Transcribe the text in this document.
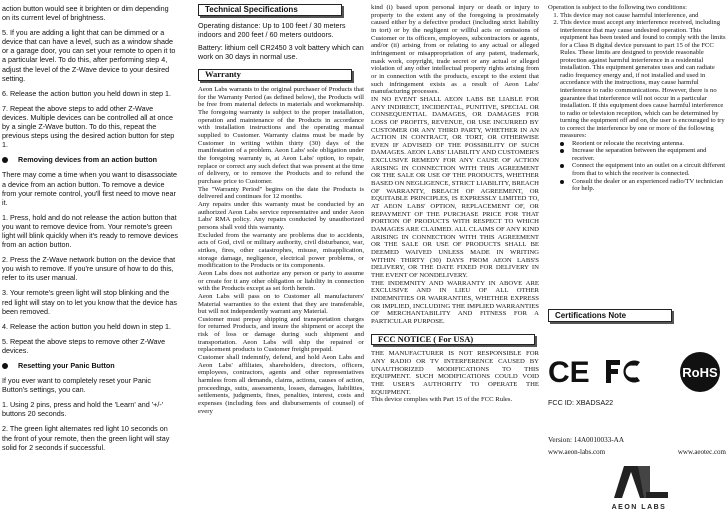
action button would see it brighten or dim depending on its current level of brightness.

5. If you are adding a light that can be dimmed or a device that can have a level, such as a window shade or a garage door, you can set your remote to open it to a particular level. To do this, after performing step 4, adjust the level of the Z-Wave device to your desired setting.

6. Release the action button you held down in step 1.

7. Repeat the above steps to add other Z-Wave devices. Multiple devices can be controlled all at once by a single Z-Wave button. To do this, repeat the previous steps using the desired action button for step 1.

Removing devices from an action button

There may come a time when you want to disassociate a device from an action button. To remove a device from your remote control, you'll first need to move near it.

1. Press, hold and do not release the action button that you want to remove device from. Your remote's green light will blink quickly when it's ready to remove devices from an action button.

2. Press the Z-Wave network button on the device that you wish to remove. If you're unsure of how to do this, refer to its user manual.

3. Your remote's green light will stop blinking and the red light will stay on to let you know that the device has been removed.

4. Release the action button you held down in step 1.

5. Repeat the above steps to remove other Z-Wave devices.

Resetting your Panic Button

If you ever want to completely reset your Panic Button's settings, you can.

1. Using 2 pins, press and hold the 'Learn' and '+/-' buttons 20 seconds.

2. The green light alternates red light 10 seconds on the front of your remote, then the green light will stay solid for 2 seconds if successful.

Technical Specifications

Operating distance: Up to 100 feet / 30 meters indoors and 200 feet / 60 meters outdoors.

Battery: lithium cell CR2450 3 volt battery which can work on 30 days in normal use.

Warranty

Aeon Labs warrants to the original purchaser of Products that for the Warranty Period (as defined below), the Products will be free from material defects in materials and workmanship. The foregoing warranty is subject to the proper installation, operation and maintenance of the Products in accordance with installation instructions and the operating manual supplied to Customer. Warranty claims must be made by Customer in writing within thirty (30) days of the manifestation of a problem. Aeon Labs' sole obligation under the foregoing warranty is, at Aeon Labs' option, to repair, replace or correct any such defect that was present at the time of delivery, or to remove the Products and to refund the purchase price to Customer.

The "Warranty Period" begins on the date the Products is delivered and continues for 12 months.

Any repairs under this warranty must be conducted by an authorized Aeon Labs service representative and under Aeon Labs' RMA policy. Any repairs conducted by unauthorized persons shall void this warranty.

Excluded from the warranty are problems due to accidents, acts of God, civil or military authority, civil disturbance, war, strikes, fires, other catastrophes, misuse, misapplication, storage damage, negligence, electrical power problems, or modification to the Products or its components.

Aeon Labs does not authorize any person or party to assume or create for it any other obligation or liability in connection with the Products except as set forth herein.

Aeon Labs will pass on to Customer all manufacturers' Material warranties to the extent that they are transferable, but will not independently warrant any Material.

Customer must prepay shipping and transportation charges for returned Products, and insure the shipment or accept the risk of loss or damage during such shipment and transportation. Aeon Labs will ship the repaired or replacement products to Customer freight prepaid.

Customer shall indemnify, defend, and hold Aeon Labs and Aeon Labs' affiliates, shareholders, directors, officers, employees, contractors, agents and other representatives harmless from all demands, claims, actions, causes of action, proceedings, suits, assessments, losses, damages, liabilities, settlements, judgments, fines, penalties, interest, costs and expenses (including fees and disbursements of counsel) of every

kind (i) based upon personal injury or death or injury to property to the extent any of the foregoing is proximately caused either by a defective product (including strict liability in tort) or by the negligent or willful acts or omissions of Customer or its officers, employees, subcontractors or agents, and/or (ii) arising from or relating to any actual or alleged infringement or misappropriation of any patent, trademark, mask work, copyright, trade secret or any actual or alleged violation of any other intellectual property rights arising from or in connection with the products, except to the extent that such infringement exists as a result of Aeon Labs' manufacturing processes.

IN NO EVENT SHALL AEON LABS BE LIABLE FOR ANY INDIRECT, INCIDENTAL, PUNITIVE, SPECIAL OR CONSEQUENTIAL DAMAGES, OR DAMAGES FOR LOSS OF PROFITS, REVENUE, OR USE INCURRED BY CUSTOMER OR ANY THIRD PARTY, WHETHER IN AN ACTION IN CONTRACT, OR TORT, OR OTHERWISE EVEN IF ADVISED OF THE POSSIBILITY OF SUCH DAMAGES. AEON LABS' LIABILITY AND CUSTOMER'S EXCLUSIVE REMEDY FOR ANY CAUSE OF ACTION ARISING IN CONNECTION WITH THIS AGREEMENT OR THE SALE OR USE OF THE PRODUCTS, WHETHER BASED ON NEGLIGENCE, STRICT LIABILITY, BREACH OF WARRANTY, BREACH OF AGREEMENT, OR EQUITABLE PRINCIPLES, IS EXPRESSLY LIMITED TO, AT AEON LABS' OPTION, REPLACEMENT OF, OR REPAYMENT OF THE PURCHASE PRICE FOR THAT PORTION OF PRODUCTS WITH RESPECT TO WHICH DAMAGES ARE CLAIMED. ALL CLAIMS OF ANY KIND ARISING IN CONNECTION WITH THIS AGREEMENT OR THE SALE OR USE OF PRODUCTS SHALL BE DEEMED WAIVED UNLESS MADE IN WRITING WITHIN THIRTY (30) DAYS FROM AEON LABS'S DELIVERY, OR THE DATE FIXED FOR DELIVERY IN THE EVENT OF NONDELIVERY.

THE INDEMNITY AND WARRANTY IN ABOVE ARE EXCLUSIVE AND IN LIEU OF ALL OTHER INDEMNITIES OR WARRANTIES, WHETHER EXPRESS OR IMPLIED, INCLUDING THE IMPLIED WARRANTIES OF MERCHANTABILITY AND FITNESS FOR A PARTICULAR PURPOSE.

FCC NOTICE ( For USA)

THE MANUFACTURER IS NOT RESPONSIBLE FOR ANY RADIO OR TV INTERFERENCE CAUSED BY UNAUTHORIZED MODIFICATIONS TO THIS EQUIPMENT. SUCH MODIFICATIONS COULD VOID THE USER'S AUTHORITY TO OPERATE THE EQUIPMENT.

This device complies with Part 15 of the FCC Rules.

Operation is subject to the following two conditions:

1. This device may not cause harmful interference, and
2. This device must accept any interference received, including interference that may cause undesired operation. This equipment has been tested and found to comply with the limits for a Class B digital device pursuant to part 15 of the FCC Rules. These limits are designed to provide reasonable protection against harmful interference in a residential installation. This equipment generates uses and can radiate radio frequency energy and, if not installed and used in accordance with the instructions, may cause harmful interference to radio communications. However, there is no guarantee that interference will not occur in a particular installation. If this equipment does cause harmful interference to radio or television reception, which can be determined by turning the equipment off and on, the user is encouraged to try to correct the interference by one or more of the following measures:
Reorient or relocate the receiving antenna.
Increase the separation between the equipment and receiver.
Connect the equipment into an outlet on a circuit different from that to which the receiver is connected.
Consult the dealer or an experienced radio/TV technician for help.
Certifications Note
CE	RoHS
FCC ID: XBADSA22
Version: 14A0010033-AA
www.aeon-labs.com	www.aeotec.com
AEON LABS
